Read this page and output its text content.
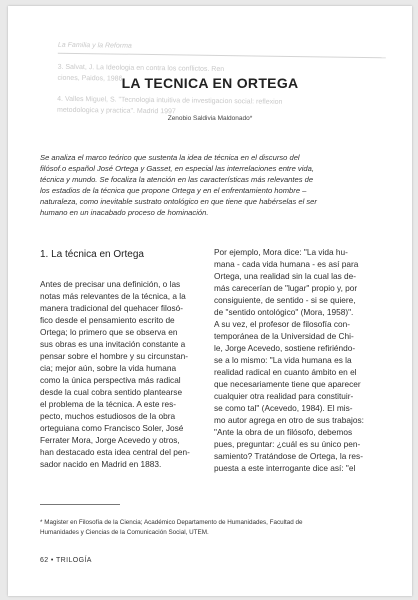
La Familia y la Reforma
3. Salvat, J. La Ideologia en contra los conflictos. Ren
ciones, Paidos, 1986.
4. Valles Miguel, S. "Tecnologia intuitiva de investigacion social: reflexion
metodologica y practica". Madrid 1997
LA TECNICA EN ORTEGA
Zenobio Saldivia Maldonado*
Se analiza el marco teórico que sustenta la idea de técnica en el discurso del
filósof.o español José Ortega y Gasset, en especial las interrelaciones entre vida,
técnica y mundo. Se focaliza la atención en las características más relevantes de
los estadios de la técnica que propone Ortega y en el enfrentamiento hombre –
naturaleza, como inevitable sustrato ontológico en que tiene que habérselas el ser
humano en un inacabado proceso de hominación.
1. La técnica en Ortega
Antes de precisar una definición, o las
notas más relevantes de la técnica, a la
manera tradicional del quehacer filosó-
fico desde el pensamiento escrito de
Ortega; lo primero que se observa en
sus obras es una invitación constante a
pensar sobre el hombre y su circunstan-
cia; mejor aún, sobre la vida humana
como la única perspectiva más radical
desde la cual cobra sentido plantearse
el problema de la técnica. A este res-
pecto, muchos estudiosos de la obra
orteguiana como Francisco Soler, José
Ferrater Mora, Jorge Acevedo y otros,
han destacado esta idea central del pen-
sador nacido en Madrid en 1883.
Por ejemplo, Mora dice: "La vida hu-
mana - cada vida humana - es así para
Ortega, una realidad sin la cual las de-
más carecerían de "lugar" propio y, por
consiguiente, de sentido - si se quiere,
de "sentido ontológico" (Mora, 1958)".
A su vez, el profesor de filosofía con-
temporánea de la Universidad de Chi-
le, Jorge Acevedo, sostiene refiriéndo-
se a lo mismo: "La vida humana es la
realidad radical en cuanto ámbito en el
que necesariamente tiene que aparecer
cualquier otra realidad para constituir-
se como tal" (Acevedo, 1984). El mis-
mo autor agrega en otro de sus trabajos:
"Ante la obra de un filósofo, debemos
pues, preguntar: ¿cuál es su único pen-
samiento? Tratándose de Ortega, la res-
puesta a este interrogante dice así: "el
* Magister en Filosofía de la Ciencia; Académico Departamento de Humanidades, Facultad de
Humanidades y Ciencias de la Comunicación Social, UTEM.
62 • TRILOGÍA
